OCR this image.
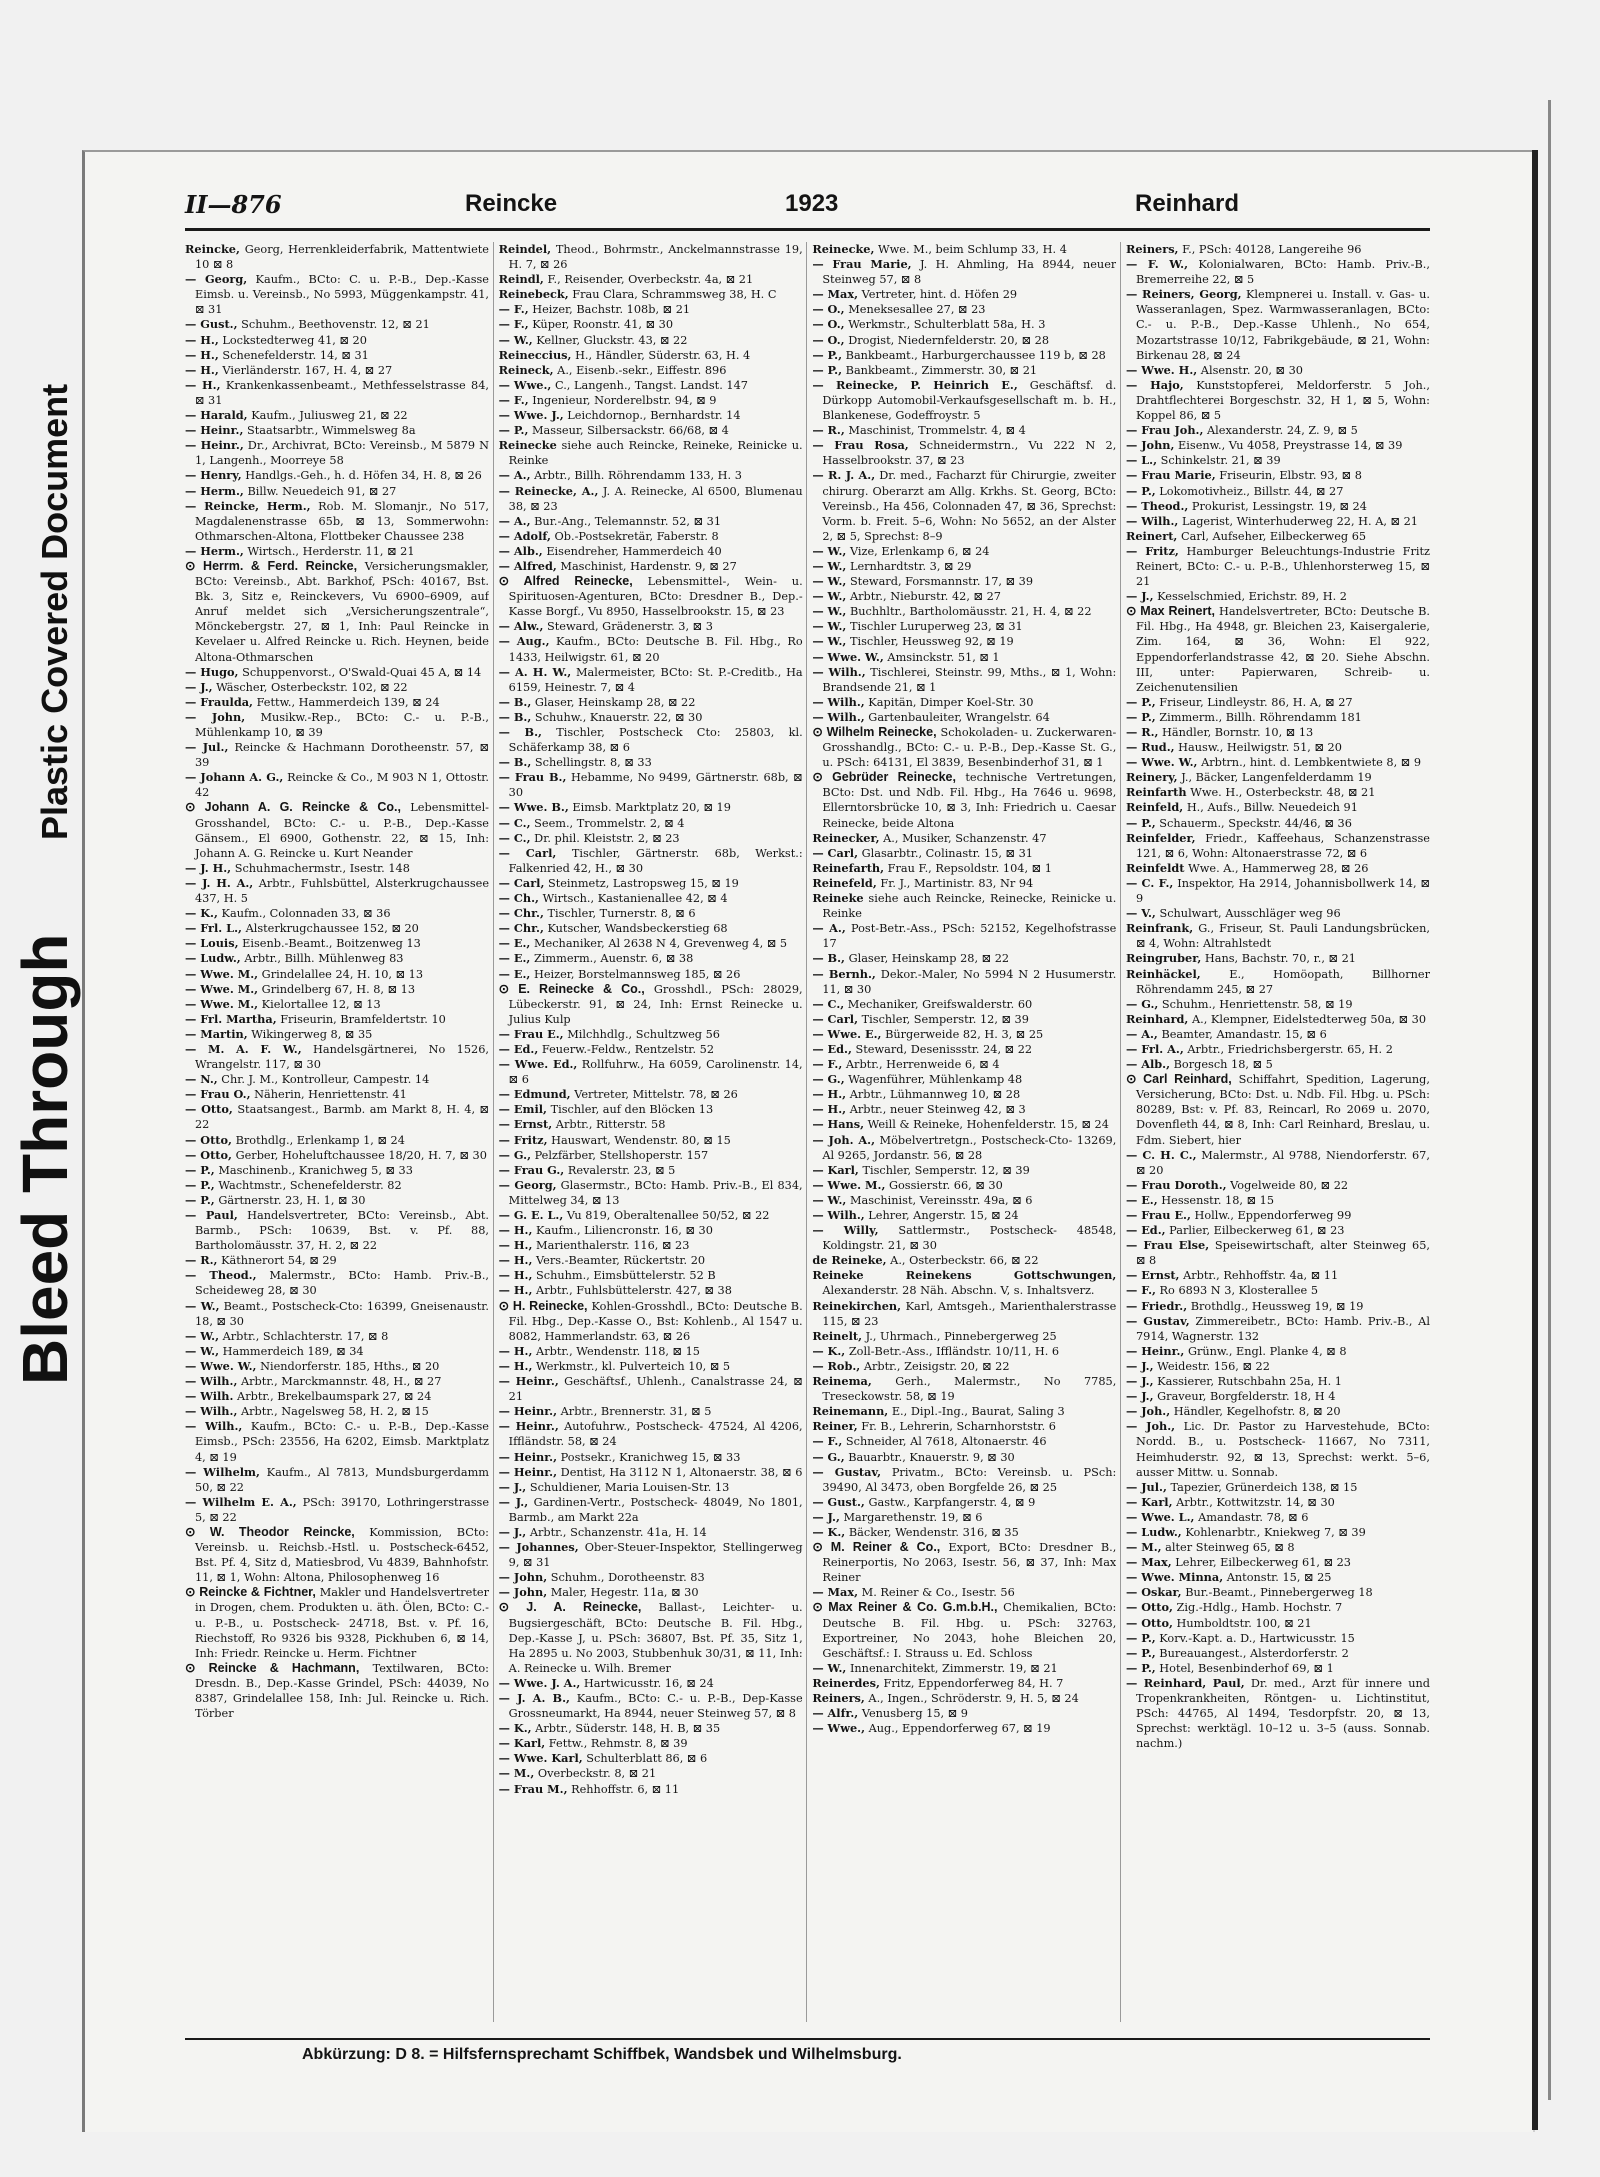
Plastic Covered Document
Bleed Through
II—876	Reincke	1923	Reinhard

Reincke, Georg, Herrenkleiderfabrik, Mattentwiete 10 ⊠ 8

— Georg, Kaufm., BCto: C. u. P.-B., Dep.-Kasse Eimsb. u. Vereinsb., No 5993, Müggenkampstr. 41, ⊠ 31

— Gust., Schuhm., Beethovenstr. 12, ⊠ 21

— H., Lockstedterweg 41, ⊠ 20

— H., Schenefelderstr. 14, ⊠ 31

— H., Vierländerstr. 167, H. 4, ⊠ 27

— H., Krankenkassenbeamt., Methfesselstrasse 84, ⊠ 31

— Harald, Kaufm., Juliusweg 21, ⊠ 22

— Heinr., Staatsarbtr., Wimmelsweg 8a

— Heinr., Dr., Archivrat, BCto: Vereinsb., M 5879 N 1, Langenh., Moorreye 58

— Henry, Handlgs.-Geh., h. d. Höfen 34, H. 8, ⊠ 26

— Herm., Billw. Neuedeich 91, ⊠ 27

— Reincke, Herm., Rob. M. Slomanjr., No 517, Magdalenenstrasse 65b, ⊠ 13, Sommerwohn: Othmarschen-Altona, Flottbeker Chaussee 238

— Herm., Wirtsch., Herderstr. 11, ⊠ 21

⊙ Herrm. & Ferd. Reincke, Versicherungsmakler, BCto: Vereinsb., Abt. Barkhof, PSch: 40167, Bst. Bk. 3, Sitz e, Reinckevers, Vu 6900–6909, auf Anruf meldet sich „Versicherungszentrale“, Mönckebergstr. 27, ⊠ 1, Inh: Paul Reincke in Kevelaer u. Alfred Reincke u. Rich. Heynen, beide Altona-Othmarschen

— Hugo, Schuppenvorst., O'Swald-Quai 45 A, ⊠ 14

— J., Wäscher, Osterbeckstr. 102, ⊠ 22

— Fraulda, Fettw., Hammerdeich 139, ⊠ 24

— John, Musikw.-Rep., BCto: C.- u. P.-B., Mühlenkamp 10, ⊠ 39

— Jul., Reincke & Hachmann Dorotheenstr. 57, ⊠ 39

— Johann A. G., Reincke & Co., M 903 N 1, Ottostr. 42

⊙ Johann A. G. Reincke & Co., Lebensmittel-Grosshandel, BCto: C.- u. P.-B., Dep.-Kasse Gänsem., El 6900, Gothenstr. 22, ⊠ 15, Inh: Johann A. G. Reincke u. Kurt Neander

— J. H., Schuhmachermstr., Isestr. 148

— J. H. A., Arbtr., Fuhlsbüttel, Alsterkrugchaussee 437, H. 5

— K., Kaufm., Colonnaden 33, ⊠ 36

— Frl. L., Alsterkrugchaussee 152, ⊠ 20

— Louis, Eisenb.-Beamt., Boitzenweg 13

— Ludw., Arbtr., Billh. Mühlenweg 83

— Wwe. M., Grindelallee 24, H. 10, ⊠ 13

— Wwe. M., Grindelberg 67, H. 8, ⊠ 13

— Wwe. M., Kielortallee 12, ⊠ 13

— Frl. Martha, Friseurin, Bramfeldertstr. 10

— Martin, Wikingerweg 8, ⊠ 35

— M. A. F. W., Handelsgärtnerei, No 1526, Wrangelstr. 117, ⊠ 30

— N., Chr. J. M., Kontrolleur, Campestr. 14

— Frau O., Näherin, Henriettenstr. 41

— Otto, Staatsangest., Barmb. am Markt 8, H. 4, ⊠ 22

— Otto, Brothdlg., Erlenkamp 1, ⊠ 24

— Otto, Gerber, Hoheluftchaussee 18/20, H. 7, ⊠ 30

— P., Maschinenb., Kranichweg 5, ⊠ 33

— P., Wachtmstr., Schenefelderstr. 82

— P., Gärtnerstr. 23, H. 1, ⊠ 30

— Paul, Handelsvertreter, BCto: Vereinsb., Abt. Barmb., PSch: 10639, Bst. v. Pf. 88, Bartholomäusstr. 37, H. 2, ⊠ 22

— R., Käthnerort 54, ⊠ 29

— Theod., Malermstr., BCto: Hamb. Priv.-B., Scheideweg 28, ⊠ 30

— W., Beamt., Postscheck-Cto: 16399, Gneisenaustr. 18, ⊠ 30

— W., Arbtr., Schlachterstr. 17, ⊠ 8

— W., Hammerdeich 189, ⊠ 34

— Wwe. W., Niendorferstr. 185, Hths., ⊠ 20

— Wilh., Arbtr., Marckmannstr. 48, H., ⊠ 27

— Wilh. Arbtr., Brekelbaumspark 27, ⊠ 24

— Wilh., Arbtr., Nagelsweg 58, H. 2, ⊠ 15

— Wilh., Kaufm., BCto: C.- u. P.-B., Dep.-Kasse Eimsb., PSch: 23556, Ha 6202, Eimsb. Marktplatz 4, ⊠ 19

— Wilhelm, Kaufm., Al 7813, Mundsburgerdamm 50, ⊠ 22

— Wilhelm E. A., PSch: 39170, Lothringerstrasse 5, ⊠ 22

⊙ W. Theodor Reincke, Kommission, BCto: Vereinsb. u. Reichsb.-Hstl. u. Postscheck-6452, Bst. Pf. 4, Sitz d, Matiesbrod, Vu 4839, Bahnhofstr. 11, ⊠ 1, Wohn: Altona, Philosophenweg 16

⊙ Reincke & Fichtner, Makler und Handelsvertreter in Drogen, chem. Produkten u. äth. Ölen, BCto: C.- u. P.-B., u. Postscheck- 24718, Bst. v. Pf. 16, Riechstoff, Ro 9326 bis 9328, Pickhuben 6, ⊠ 14, Inh: Friedr. Reincke u. Herm. Fichtner

⊙ Reincke & Hachmann, Textilwaren, BCto: Dresdn. B., Dep.-Kasse Grindel, PSch: 44039, No 8387, Grindelallee 158, Inh: Jul. Reincke u. Rich. Törber

Reindel, Theod., Bohrmstr., Anckelmannstrasse 19, H. 7, ⊠ 26

Reindl, F., Reisender, Overbeckstr. 4a, ⊠ 21

Reinebeck, Frau Clara, Schrammsweg 38, H. C

— F., Heizer, Bachstr. 108b, ⊠ 21

— F., Küper, Roonstr. 41, ⊠ 30

— W., Kellner, Gluckstr. 43, ⊠ 22

Reineccius, H., Händler, Süderstr. 63, H. 4

Reineck, A., Eisenb.-sekr., Eiffestr. 896

— Wwe., C., Langenh., Tangst. Landst. 147

— F., Ingenieur, Norderelbstr. 94, ⊠ 9

— Wwe. J., Leichdornop., Bernhardstr. 14

— P., Masseur, Silbersackstr. 66/68, ⊠ 4

Reinecke siehe auch Reincke, Reineke, Reinicke u. Reinke

— A., Arbtr., Billh. Röhrendamm 133, H. 3

— Reinecke, A., J. A. Reinecke, Al 6500, Blumenau 38, ⊠ 23

— A., Bur.-Ang., Telemannstr. 52, ⊠ 31

— Adolf, Ob.-Postsekretär, Faberstr. 8

— Alb., Eisendreher, Hammerdeich 40

— Alfred, Maschinist, Hardenstr. 9, ⊠ 27

⊙ Alfred Reinecke, Lebensmittel-, Wein- u. Spirituosen-Agenturen, BCto: Dresdner B., Dep.-Kasse Borgf., Vu 8950, Hasselbrookstr. 15, ⊠ 23

— Alw., Steward, Grädenerstr. 3, ⊠ 3

— Aug., Kaufm., BCto: Deutsche B. Fil. Hbg., Ro 1433, Heilwigstr. 61, ⊠ 20

— A. H. W., Malermeister, BCto: St. P.-Creditb., Ha 6159, Heinestr. 7, ⊠ 4

— B., Glaser, Heinskamp 28, ⊠ 22

— B., Schuhw., Knauerstr. 22, ⊠ 30

— B., Tischler, Postscheck Cto: 25803, kl. Schäferkamp 38, ⊠ 6

— B., Schellingstr. 8, ⊠ 33

— Frau B., Hebamme, No 9499, Gärtnerstr. 68b, ⊠ 30

— Wwe. B., Eimsb. Marktplatz 20, ⊠ 19

— C., Seem., Trommelstr. 2, ⊠ 4

— C., Dr. phil. Kleiststr. 2, ⊠ 23

— Carl, Tischler, Gärtnerstr. 68b, Werkst.: Falkenried 42, H., ⊠ 30

— Carl, Steinmetz, Lastropsweg 15, ⊠ 19

— Ch., Wirtsch., Kastanienallee 42, ⊠ 4

— Chr., Tischler, Turnerstr. 8, ⊠ 6

— Chr., Kutscher, Wandsbeckerstieg 68

— E., Mechaniker, Al 2638 N 4, Grevenweg 4, ⊠ 5

— E., Zimmerm., Auenstr. 6, ⊠ 38

— E., Heizer, Borstelmannsweg 185, ⊠ 26

⊙ E. Reinecke & Co., Grosshdl., PSch: 28029, Lübeckerstr. 91, ⊠ 24, Inh: Ernst Reinecke u. Julius Kulp

— Frau E., Milchhdlg., Schultzweg 56

— Ed., Feuerw.-Feldw., Rentzelstr. 52

— Wwe. Ed., Rollfuhrw., Ha 6059, Carolinenstr. 14, ⊠ 6

— Edmund, Vertreter, Mittelstr. 78, ⊠ 26

— Emil, Tischler, auf den Blöcken 13

— Ernst, Arbtr., Ritterstr. 58

— Fritz, Hauswart, Wendenstr. 80, ⊠ 15

— G., Pelzfärber, Stellshoperstr. 157

— Frau G., Revalerstr. 23, ⊠ 5

— Georg, Glasermstr., BCto: Hamb. Priv.-B., El 834, Mittelweg 34, ⊠ 13

— G. E. L., Vu 819, Oberaltenallee 50/52, ⊠ 22

— H., Kaufm., Liliencronstr. 16, ⊠ 30

— H., Marienthalerstr. 116, ⊠ 23

— H., Vers.-Beamter, Rückertstr. 20

— H., Schuhm., Eimsbüttelerstr. 52 B

— H., Arbtr., Fuhlsbüttelerstr. 427, ⊠ 38

⊙ H. Reinecke, Kohlen-Grosshdl., BCto: Deutsche B. Fil. Hbg., Dep.-Kasse O., Bst: Kohlenb., Al 1547 u. 8082, Hammerlandstr. 63, ⊠ 26

— H., Arbtr., Wendenstr. 118, ⊠ 15

— H., Werkmstr., kl. Pulverteich 10, ⊠ 5

— Heinr., Geschäftsf., Uhlenh., Canalstrasse 24, ⊠ 21

— Heinr., Arbtr., Brennerstr. 31, ⊠ 5

— Heinr., Autofuhrw., Postscheck- 47524, Al 4206, Iffländstr. 58, ⊠ 24

— Heinr., Postsekr., Kranichweg 15, ⊠ 33

— Heinr., Dentist, Ha 3112 N 1, Altonaerstr. 38, ⊠ 6

— J., Schuldiener, Maria Louisen-Str. 13

— J., Gardinen-Vertr., Postscheck- 48049, No 1801, Barmb., am Markt 22a

— J., Arbtr., Schanzenstr. 41a, H. 14

— Johannes, Ober-Steuer-Inspektor, Stellingerweg 9, ⊠ 31

— John, Schuhm., Dorotheenstr. 83

— John, Maler, Hegestr. 11a, ⊠ 30

⊙ J. A. Reinecke, Ballast-, Leichter- u. Bugsiergeschäft, BCto: Deutsche B. Fil. Hbg., Dep.-Kasse J, u. PSch: 36807, Bst. Pf. 35, Sitz 1, Ha 2895 u. No 2003, Stubbenhuk 30/31, ⊠ 11, Inh: A. Reinecke u. Wilh. Bremer

— Wwe. J. A., Hartwicusstr. 16, ⊠ 24

— J. A. B., Kaufm., BCto: C.- u. P.-B., Dep-Kasse Grossneumarkt, Ha 8944, neuer Steinweg 57, ⊠ 8

— K., Arbtr., Süderstr. 148, H. B, ⊠ 35

— Karl, Fettw., Rehmstr. 8, ⊠ 39

— Wwe. Karl, Schulterblatt 86, ⊠ 6

— M., Overbeckstr. 8, ⊠ 21

— Frau M., Rehhoffstr. 6, ⊠ 11

Reinecke, Wwe. M., beim Schlump 33, H. 4

— Frau Marie, J. H. Ahmling, Ha 8944, neuer Steinweg 57, ⊠ 8

— Max, Vertreter, hint. d. Höfen 29

— O., Meneksesallee 27, ⊠ 23

— O., Werkmstr., Schulterblatt 58a, H. 3

— O., Drogist, Niedernfelderstr. 20, ⊠ 28

— P., Bankbeamt., Harburgerchaussee 119 b, ⊠ 28

— P., Bankbeamt., Zimmerstr. 30, ⊠ 21

— Reinecke, P. Heinrich E., Geschäftsf. d. Dürkopp Automobil-Verkaufsgesellschaft m. b. H., Blankenese, Godeffroystr. 5

— R., Maschinist, Trommelstr. 4, ⊠ 4

— Frau Rosa, Schneidermstrn., Vu 222 N 2, Hasselbrookstr. 37, ⊠ 23

— R. J. A., Dr. med., Facharzt für Chirurgie, zweiter chirurg. Oberarzt am Allg. Krkhs. St. Georg, BCto: Vereinsb., Ha 456, Colonnaden 47, ⊠ 36, Sprechst: Vorm. b. Freit. 5–6, Wohn: No 5652, an der Alster 2, ⊠ 5, Sprechst: 8–9

— W., Vize, Erlenkamp 6, ⊠ 24

— W., Lernhardtstr. 3, ⊠ 29

— W., Steward, Forsmannstr. 17, ⊠ 39

— W., Arbtr., Nieburstr. 42, ⊠ 27

— W., Buchhltr., Bartholomäusstr. 21, H. 4, ⊠ 22

— W., Tischler Luruperweg 23, ⊠ 31

— W., Tischler, Heussweg 92, ⊠ 19

— Wwe. W., Amsinckstr. 51, ⊠ 1

— Wilh., Tischlerei, Steinstr. 99, Mths., ⊠ 1, Wohn: Brandsende 21, ⊠ 1

— Wilh., Kapitän, Dimper Koel-Str. 30

— Wilh., Gartenbauleiter, Wrangelstr. 64

⊙ Wilhelm Reinecke, Schokoladen- u. Zuckerwaren-Grosshandlg., BCto: C.- u. P.-B., Dep.-Kasse St. G., u. PSch: 64131, El 3839, Besenbinderhof 31, ⊠ 1

⊙ Gebrüder Reinecke, technische Vertretungen, BCto: Dst. und Ndb. Fil. Hbg., Ha 7646 u. 9698, Ellerntorsbrücke 10, ⊠ 3, Inh: Friedrich u. Caesar Reinecke, beide Altona

Reinecker, A., Musiker, Schanzenstr. 47

— Carl, Glasarbtr., Colinastr. 15, ⊠ 31

Reinefarth, Frau F., Repsoldstr. 104, ⊠ 1

Reinefeld, Fr. J., Martinistr. 83, Nr 94

Reineke siehe auch Reincke, Reinecke, Reinicke u. Reinke

— A., Post-Betr.-Ass., PSch: 52152, Kegelhofstrasse 17

— B., Glaser, Heinskamp 28, ⊠ 22

— Bernh., Dekor.-Maler, No 5994 N 2 Husumerstr. 11, ⊠ 30

— C., Mechaniker, Greifswalderstr. 60

— Carl, Tischler, Semperstr. 12, ⊠ 39

— Wwe. E., Bürgerweide 82, H. 3, ⊠ 25

— Ed., Steward, Desenissstr. 24, ⊠ 22

— F., Arbtr., Herrenweide 6, ⊠ 4

— G., Wagenführer, Mühlenkamp 48

— H., Arbtr., Lühmannweg 10, ⊠ 28

— H., Arbtr., neuer Steinweg 42, ⊠ 3

— Hans, Weill & Reineke, Hohenfelderstr. 15, ⊠ 24

— Joh. A., Möbelvertretgn., Postscheck-Cto- 13269, Al 9265, Jordanstr. 56, ⊠ 28

— Karl, Tischler, Semperstr. 12, ⊠ 39

— Wwe. M., Gossierstr. 66, ⊠ 30

— W., Maschinist, Vereinsstr. 49a, ⊠ 6

— Wilh., Lehrer, Angerstr. 15, ⊠ 24

— Willy, Sattlermstr., Postscheck- 48548, Koldingstr. 21, ⊠ 30

de Reineke, A., Osterbeckstr. 66, ⊠ 22

Reineke Reinekens Gottschwungen, Alexanderstr. 28 Näh. Abschn. V, s. Inhaltsverz.

Reinekirchen, Karl, Amtsgeh., Marienthalerstrasse 115, ⊠ 23

Reinelt, J., Uhrmach., Pinnebergerweg 25

— K., Zoll-Betr.-Ass., Iffländstr. 10/11, H. 6

— Rob., Arbtr., Zeisigstr. 20, ⊠ 22

Reinema, Gerh., Malermstr., No 7785, Treseckowstr. 58, ⊠ 19

Reinemann, E., Dipl.-Ing., Baurat, Saling 3

Reiner, Fr. B., Lehrerin, Scharnhorststr. 6

— F., Schneider, Al 7618, Altonaerstr. 46

— G., Bauarbtr., Knauerstr. 9, ⊠ 30

— Gustav, Privatm., BCto: Vereinsb. u. PSch: 39490, Al 3473, oben Borgfelde 26, ⊠ 25

— Gust., Gastw., Karpfangerstr. 4, ⊠ 9

— J., Margarethenstr. 19, ⊠ 6

— K., Bäcker, Wendenstr. 316, ⊠ 35

⊙ M. Reiner & Co., Export, BCto: Dresdner B., Reinerportis, No 2063, Isestr. 56, ⊠ 37, Inh: Max Reiner

— Max, M. Reiner & Co., Isestr. 56

⊙ Max Reiner & Co. G.m.b.H., Chemikalien, BCto: Deutsche B. Fil. Hbg. u. PSch: 32763, Exportreiner, No 2043, hohe Bleichen 20, Geschäftsf.: I. Strauss u. Ed. Schloss

— W., Innenarchitekt, Zimmerstr. 19, ⊠ 21

Reinerdes, Fritz, Eppendorferweg 84, H. 7

Reiners, A., Ingen., Schröderstr. 9, H. 5, ⊠ 24

— Alfr., Venusberg 15, ⊠ 9

— Wwe., Aug., Eppendorferweg 67, ⊠ 19

Reiners, F., PSch: 40128, Langereihe 96

— F. W., Kolonialwaren, BCto: Hamb. Priv.-B., Bremerreihe 22, ⊠ 5

— Reiners, Georg, Klempnerei u. Install. v. Gas- u. Wasseranlagen, Spez. Warmwasseranlagen, BCto: C.- u. P.-B., Dep.-Kasse Uhlenh., No 654, Mozartstrasse 10/12, Fabrikgebäude, ⊠ 21, Wohn: Birkenau 28, ⊠ 24

— Wwe. H., Alsenstr. 20, ⊠ 30

— Hajo, Kunststopferei, Meldorferstr. 5 Joh., Drahtflechterei Borgeschstr. 32, H 1, ⊠ 5, Wohn: Koppel 86, ⊠ 5

— Frau Joh., Alexanderstr. 24, Z. 9, ⊠ 5

— John, Eisenw., Vu 4058, Preystrasse 14, ⊠ 39

— L., Schinkelstr. 21, ⊠ 39

— Frau Marie, Friseurin, Elbstr. 93, ⊠ 8

— P., Lokomotivheiz., Billstr. 44, ⊠ 27

— Theod., Prokurist, Lessingstr. 19, ⊠ 24

— Wilh., Lagerist, Winterhuderweg 22, H. A, ⊠ 21

Reinert, Carl, Aufseher, Eilbeckerweg 65

— Fritz, Hamburger Beleuchtungs-Industrie Fritz Reinert, BCto: C.- u. P.-B., Uhlenhorsterweg 15, ⊠ 21

— J., Kesselschmied, Erichstr. 89, H. 2

⊙ Max Reinert, Handelsvertreter, BCto: Deutsche B. Fil. Hbg., Ha 4948, gr. Bleichen 23, Kaisergalerie, Zim. 164, ⊠ 36, Wohn: El 922, Eppendorferlandstrasse 42, ⊠ 20. Siehe Abschn. III, unter: Papierwaren, Schreib- u. Zeichenutensilien

— P., Friseur, Lindleystr. 86, H. A, ⊠ 27

— P., Zimmerm., Billh. Röhrendamm 181

— R., Händler, Bornstr. 10, ⊠ 13

— Rud., Hausw., Heilwigstr. 51, ⊠ 20

— Wwe. W., Arbtrn., hint. d. Lembkentwiete 8, ⊠ 9

Reinery, J., Bäcker, Langenfelderdamm 19

Reinfarth Wwe. H., Osterbeckstr. 48, ⊠ 21

Reinfeld, H., Aufs., Billw. Neuedeich 91

— P., Schauerm., Speckstr. 44/46, ⊠ 36

Reinfelder, Friedr., Kaffeehaus, Schanzenstrasse 121, ⊠ 6, Wohn: Altonaerstrasse 72, ⊠ 6

Reinfeldt Wwe. A., Hammerweg 28, ⊠ 26

— C. F., Inspektor, Ha 2914, Johannisbollwerk 14, ⊠ 9

— V., Schulwart, Ausschläger weg 96

Reinfrank, G., Friseur, St. Pauli Landungsbrücken, ⊠ 4, Wohn: Altrahlstedt

Reingruber, Hans, Bachstr. 70, r., ⊠ 21

Reinhäckel,	E., Homöopath, Billhorner Röhrendamm 245, ⊠ 27

— G., Schuhm., Henriettenstr. 58, ⊠ 19

Reinhard, A., Klempner, Eidelstedterweg 50a, ⊠ 30

— A., Beamter, Amandastr. 15, ⊠ 6

— Frl. A., Arbtr., Friedrichsbergerstr. 65, H. 2

— Alb., Borgesch 18, ⊠ 5

⊙ Carl Reinhard, Schiffahrt, Spedition, Lagerung, Versicherung, BCto: Dst. u. Ndb. Fil. Hbg. u. PSch: 80289, Bst: v. Pf. 83, Reincarl, Ro 2069 u. 2070, Dovenfleth 44, ⊠ 8, Inh: Carl Reinhard, Breslau, u. Fdm. Siebert, hier

— C. H. C., Malermstr., Al 9788, Niendorferstr. 67, ⊠ 20

— Frau Doroth., Vogelweide 80, ⊠ 22

— E., Hessenstr. 18, ⊠ 15

— Frau E., Hollw., Eppendorferweg 99

— Ed., Parlier, Eilbeckerweg 61, ⊠ 23

— Frau Else, Speisewirtschaft, alter Steinweg 65, ⊠ 8

— Ernst, Arbtr., Rehhoffstr. 4a, ⊠ 11

— F., Ro 6893 N 3, Klosterallee 5

— Friedr., Brothdlg., Heussweg 19, ⊠ 19

— Gustav, Zimmereibetr., BCto: Hamb. Priv.-B., Al 7914, Wagnerstr. 132

— Heinr., Grünw., Engl. Planke 4, ⊠ 8

— J., Weidestr. 156, ⊠ 22

— J., Kassierer, Rutschbahn 25a, H. 1

— J., Graveur, Borgfelderstr. 18, H 4

— Joh., Händler, Kegelhofstr. 8, ⊠ 20

— Joh., Lic. Dr. Pastor zu Harvestehude, BCto: Nordd. B., u. Postscheck- 11667, No 7311, Heimhuderstr. 92, ⊠ 13, Sprechst: werkt. 5–6, ausser Mittw. u. Sonnab.

— Jul., Tapezier, Grünerdeich 138, ⊠ 15

— Karl, Arbtr., Kottwitzstr. 14, ⊠ 30

— Wwe. L., Amandastr. 78, ⊠ 6

— Ludw., Kohlenarbtr., Kniekweg 7, ⊠ 39

— M., alter Steinweg 65, ⊠ 8

— Max, Lehrer, Eilbeckerweg 61, ⊠ 23

— Wwe. Minna, Antonstr. 15, ⊠ 25

— Oskar, Bur.-Beamt., Pinnebergerweg 18

— Otto, Zig.-Hdlg., Hamb. Hochstr. 7

— Otto, Humboldtstr. 100, ⊠ 21

— P., Korv.-Kapt. a. D., Hartwicusstr. 15

— P., Bureauangest., Alsterdorferstr. 2

— P., Hotel, Besenbinderhof 69, ⊠ 1

— Reinhard, Paul, Dr. med., Arzt für innere und Tropenkrankheiten, Röntgen- u. Lichtinstitut, PSch: 44765, Al 1494, Tesdorpfstr. 20, ⊠ 13, Sprechst: werktägl. 10–12 u. 3–5 (auss. Sonnab. nachm.)

Abkürzung: D 8. = Hilfsfernsprechamt Schiffbek, Wandsbek und Wilhelmsburg.
